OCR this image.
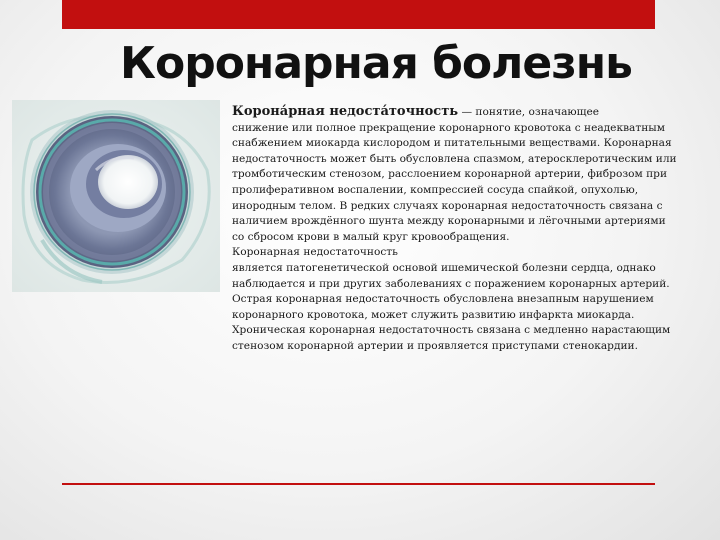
Коронарная болезнь

Корона́рная недоста́точность — понятие, означающее

снижение или полное прекращение коронарного кровотока с неадекватным снабжением миокарда кислородом и питательными веществами. Коронарная недостаточность может быть обусловлена спазмом, атеросклеротическим или тромботическим стенозом, расслоением коронарной артерии, фиброзом при пролиферативном воспалении, компрессией сосуда спайкой, опухолью, инородным телом. В редких случаях коронарная недостаточность связана с наличием врождённого шунта между коронарными и лёгочными артериями со сбросом крови в малый круг кровообращения.

Коронарная недостаточность

является патогенетической основой ишемической болезни сердца, однако наблюдается и при других заболеваниях с поражением коронарных артерий.

Острая коронарная недостаточность обусловлена внезапным нарушением коронарного кровотока, может служить развитию инфаркта миокарда.

Хроническая коронарная недостаточность связана с медленно нарастающим стенозом коронарной артерии и проявляется приступами стенокардии.
